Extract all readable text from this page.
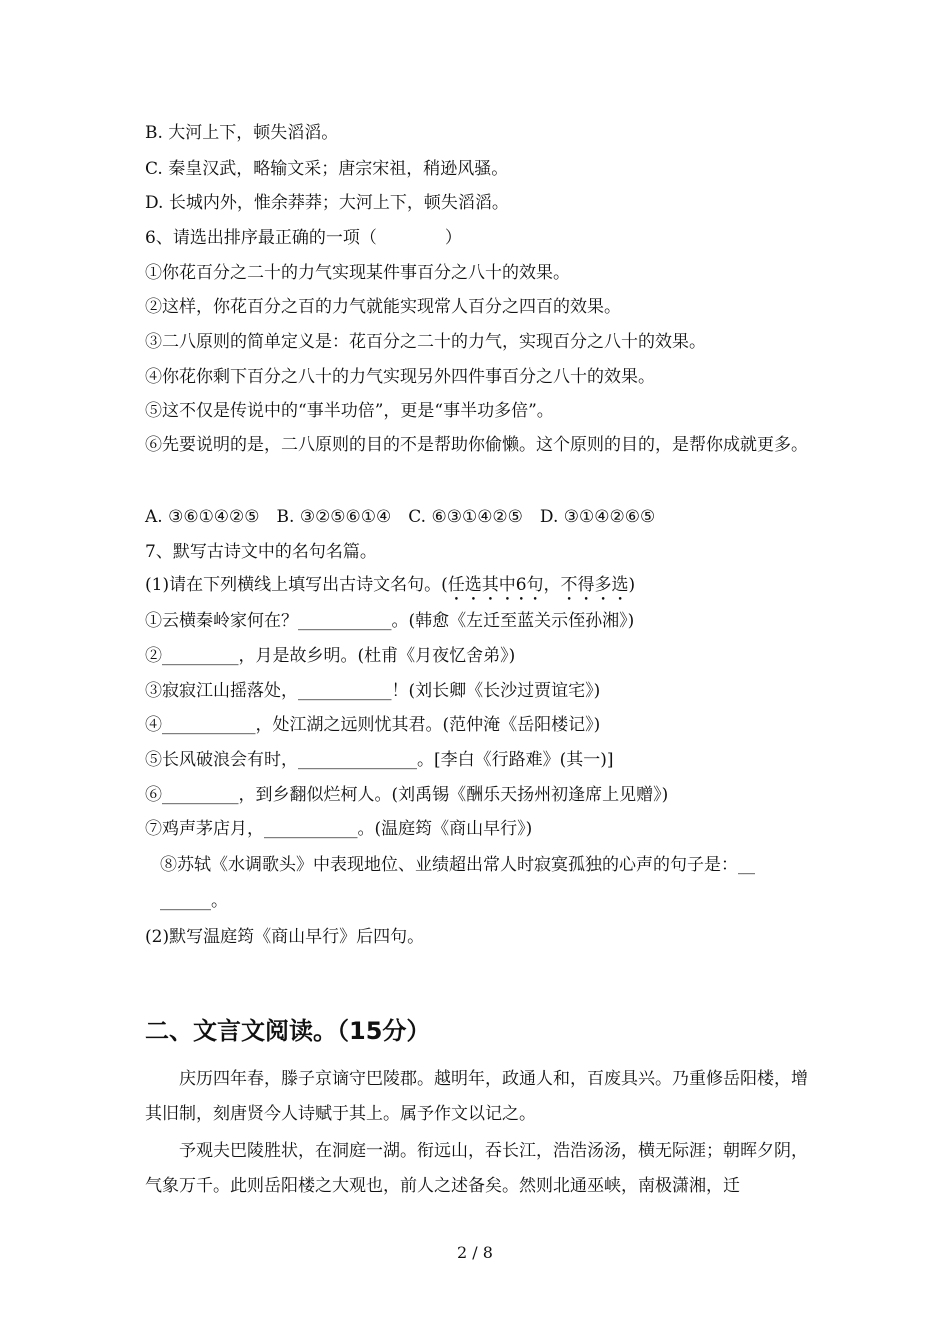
B. 大河上下，顿失滔滔。
C. 秦皇汉武，略输文采；唐宗宋祖，稍逊风骚。
D. 长城内外，惟余莽莽；大河上下，顿失滔滔。
6、请选出排序最正确的一项（　　　　）
①你花百分之二十的力气实现某件事百分之八十的效果。
②这样，你花百分之百的力气就能实现常人百分之四百的效果。
③二八原则的简单定义是：花百分之二十的力气，实现百分之八十的效果。
④你花你剩下百分之八十的力气实现另外四件事百分之八十的效果。
⑤这不仅是传说中的“事半功倍”，更是“事半功多倍”。
⑥先要说明的是，二八原则的目的不是帮助你偷懒。这个原则的目的，是帮你成就更多。
A. ③⑥①④②⑤　B. ③②⑤⑥①④　C. ⑥③①④②⑤　D. ③①④②⑥⑤
7、默写古诗文中的名句名篇。
(1)请在下列横线上填写出古诗文名句。(任选其中6句，不得多选)
①云横秦岭家何在？___________。(韩愈《左迁至蓝关示侄孙湘》)
②_________，月是故乡明。(杜甫《月夜忆舍弟》)
③寂寂江山摇落处，___________！(刘长卿《长沙过贾谊宅》)
④___________，处江湖之远则忧其君。(范仲淹《岳阳楼记》)
⑤长风破浪会有时，______________。[李白《行路难》(其一)]
⑥_________，到乡翻似烂柯人。(刘禹锡《酬乐天扬州初逢席上见赠》)
⑦鸡声茅店月，___________。(温庭筠《商山早行》)
⑧苏轼《水调歌头》中表现地位、业绩超出常人时寂寞孤独的心声的句子是：__
______。
(2)默写温庭筠《商山早行》后四句。
二、文言文阅读。（15分）
庆历四年春，滕子京谪守巴陵郡。越明年，政通人和，百废具兴。乃重修岳阳楼，增其旧制，刻唐贤今人诗赋于其上。属予作文以记之。
予观夫巴陵胜状，在洞庭一湖。衔远山，吞长江，浩浩汤汤，横无际涯；朝晖夕阴，气象万千。此则岳阳楼之大观也，前人之述备矣。然则北通巫峡，南极潇湘，迁
2 / 8
